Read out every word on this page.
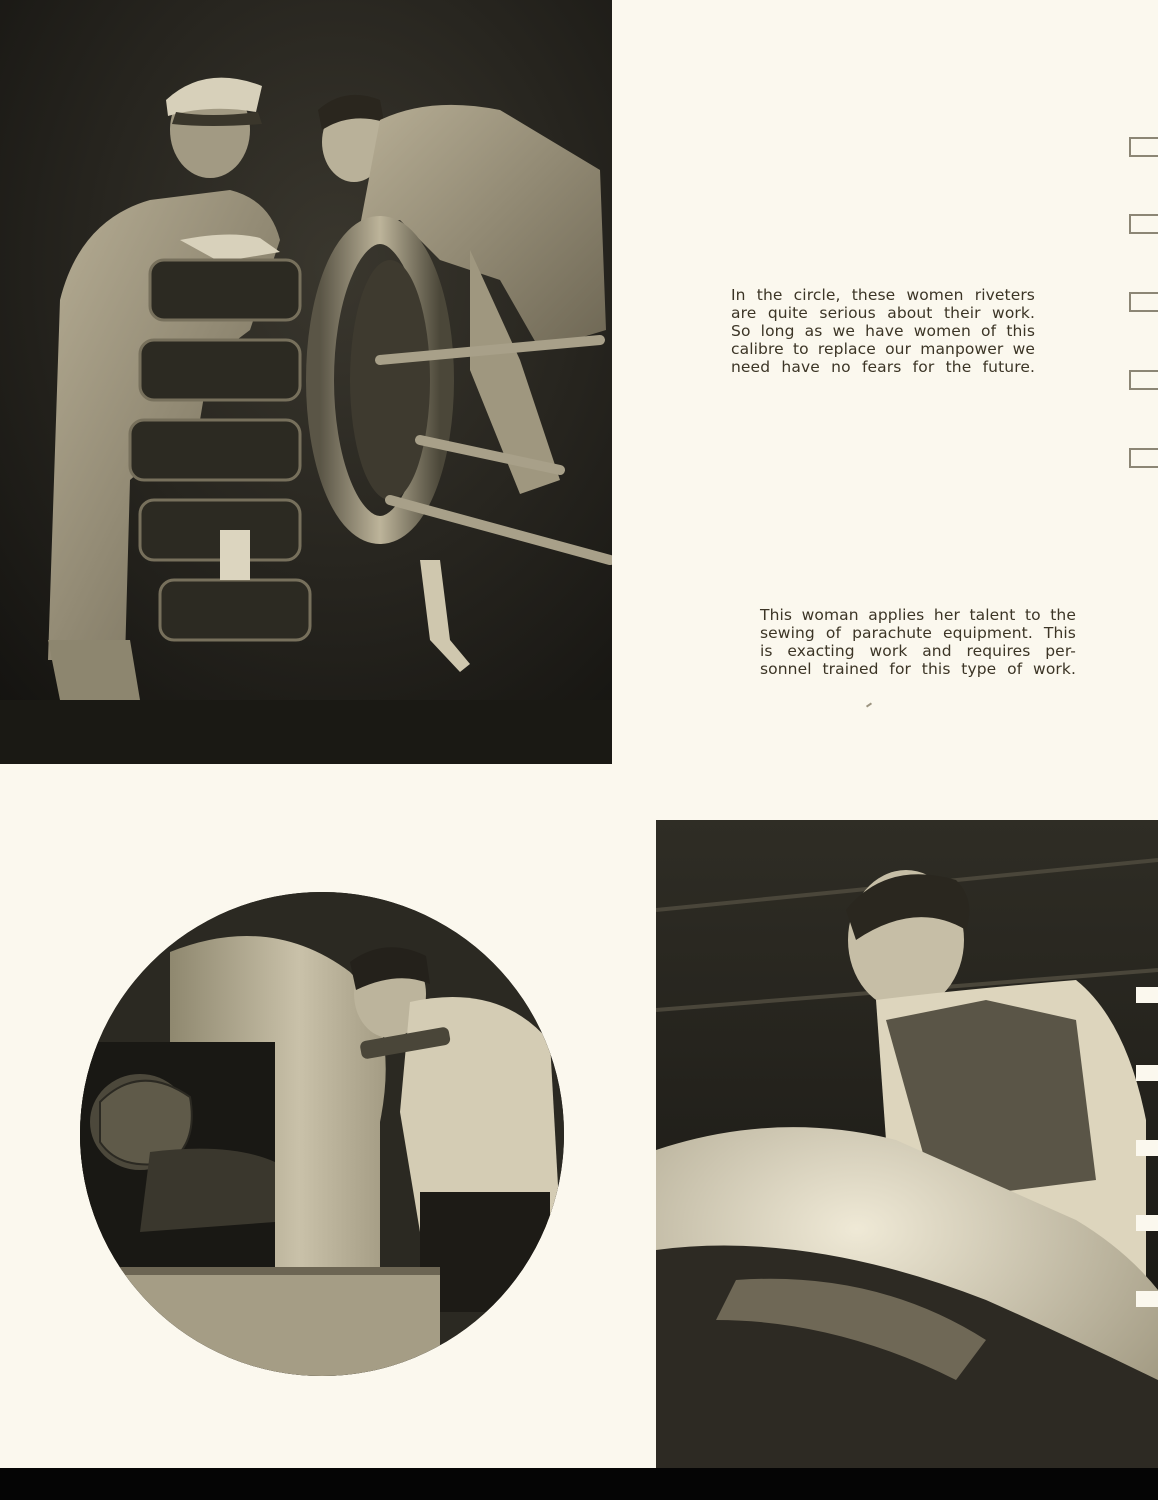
In the circle, these women riveters
are quite serious about their work.
So long as we have women of this
calibre to replace our manpower we
need have no fears for the future.
This woman applies her talent to the
sewing of parachute equipment. This
is exacting work and requires per-
sonnel trained for this type of work.
